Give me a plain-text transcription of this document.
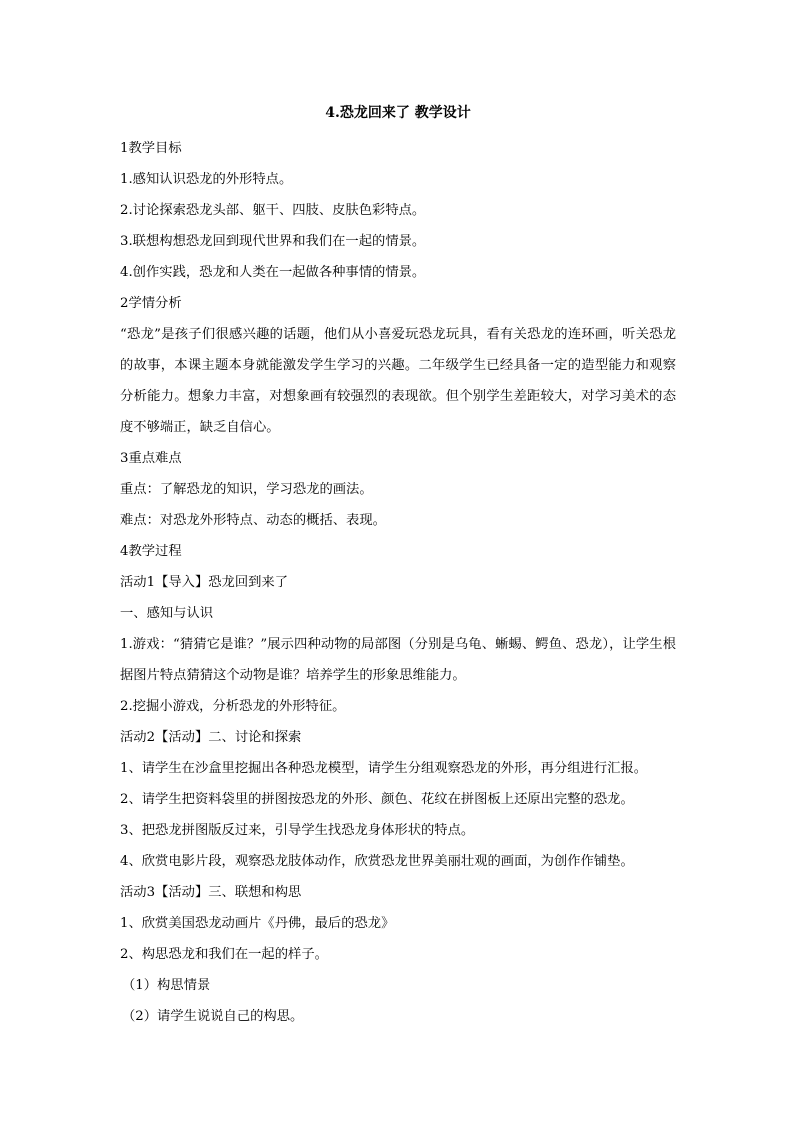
4.恐龙回来了 教学设计

1教学目标

1.感知认识恐龙的外形特点。

2.讨论探索恐龙头部、躯干、四肢、皮肤色彩特点。

3.联想构想恐龙回到现代世界和我们在一起的情景。

4.创作实践，恐龙和人类在一起做各种事情的情景。

2学情分析

“恐龙”是孩子们很感兴趣的话题，他们从小喜爱玩恐龙玩具，看有关恐龙的连环画，听关恐龙的故事，本课主题本身就能激发学生学习的兴趣。二年级学生已经具备一定的造型能力和观察分析能力。想象力丰富，对想象画有较强烈的表现欲。但个别学生差距较大，对学习美术的态度不够端正，缺乏自信心。

3重点难点

重点：了解恐龙的知识，学习恐龙的画法。

难点：对恐龙外形特点、动态的概括、表现。

4教学过程

活动1【导入】恐龙回到来了

一、感知与认识

1.游戏：“猜猜它是谁？”展示四种动物的局部图（分别是乌龟、蜥蜴、鳄鱼、恐龙），让学生根据图片特点猜猜这个动物是谁？培养学生的形象思维能力。

2.挖掘小游戏，分析恐龙的外形特征。

活动2【活动】二、讨论和探索

1、请学生在沙盒里挖掘出各种恐龙模型，请学生分组观察恐龙的外形，再分组进行汇报。

2、请学生把资料袋里的拼图按恐龙的外形、颜色、花纹在拼图板上还原出完整的恐龙。

3、把恐龙拼图版反过来，引导学生找恐龙身体形状的特点。

4、欣赏电影片段，观察恐龙肢体动作，欣赏恐龙世界美丽壮观的画面，为创作作铺垫。

活动3【活动】三、联想和构思

1、欣赏美国恐龙动画片《丹佛，最后的恐龙》

2、构思恐龙和我们在一起的样子。

（1）构思情景

（2）请学生说说自己的构思。
